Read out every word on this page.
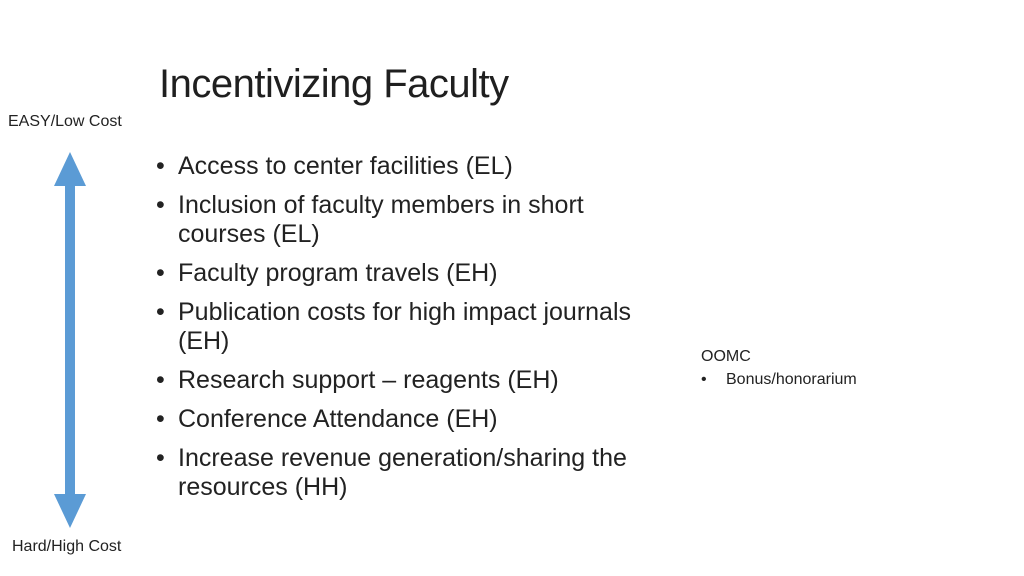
Incentivizing Faculty
EASY/Low Cost
• Access to center facilities (EL)
• Inclusion of faculty members in short courses (EL)
• Faculty program travels (EH)
• Publication costs for high impact journals (EH)
• Research support – reagents (EH)
• Conference Attendance (EH)
• Increase revenue generation/sharing the resources (HH)
OOMC
• Bonus/honorarium
Hard/High Cost
